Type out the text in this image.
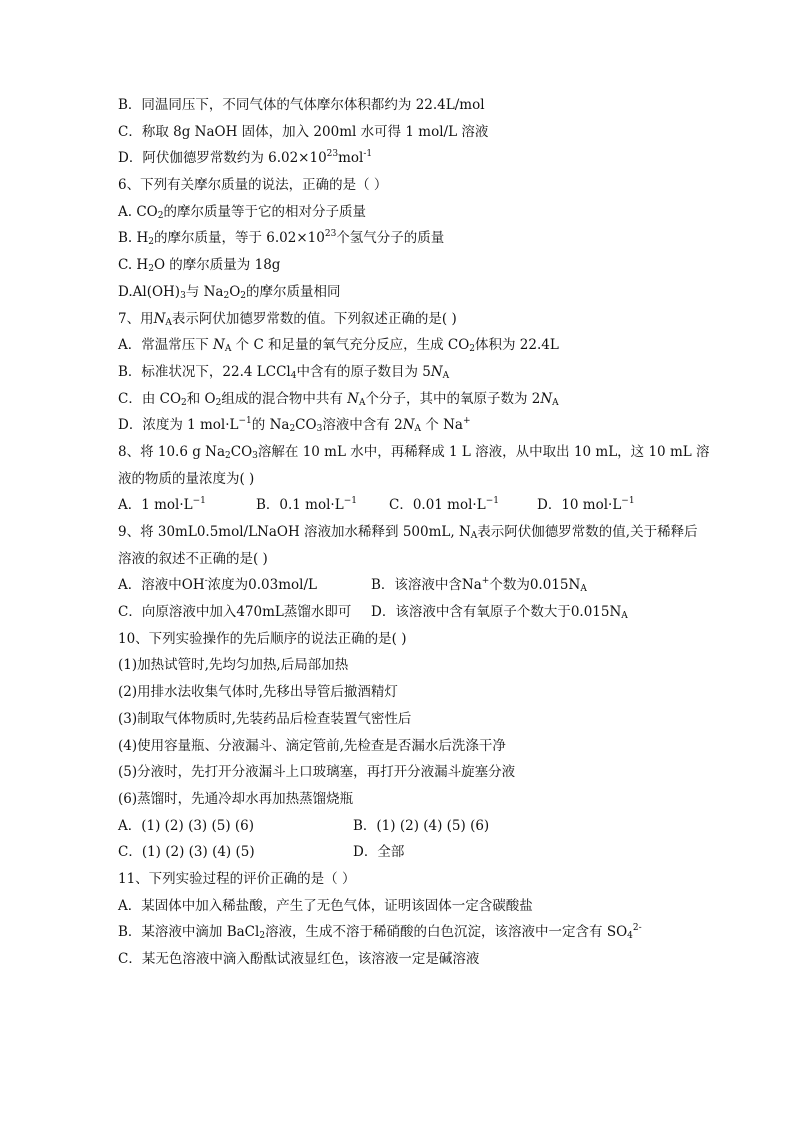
B．同温同压下，不同气体的气体摩尔体积都约为 22.4L/mol
C．称取 8g NaOH 固体，加入 200ml 水可得 1 mol/L 溶液
D．阿伏伽德罗常数约为 $6.02\times 10^{23}mol^{-1}$
6、下列有关摩尔质量的说法，正确的是（ ）
A. $CO_2$的摩尔质量等于它的相对分子质量
B. $H_2$的摩尔质量，等于 $6.02\times 10^{23}$个氢气分子的质量
C. $H_2O$ 的摩尔质量为 18g
$D.Al(OH)_3$与 $Na_2O_2$的摩尔质量相同
7、用$N_A$表示阿伏加德罗常数的值。下列叙述正确的是( )
A．常温常压下 $N_A$ 个 C 和足量的氧气充分反应，生成 $CO_2$体积为 22.4L
B．标准状况下，22.4 LCCl$_4$中含有的原子数目为 $5N_A$
C．由 $CO_2$和 $O_2$组成的混合物中共有 $N_A$个分子，其中的氧原子数为 $2N_A$
D．浓度为 1 $mol\cdot L^{-1}$的 $Na_2CO_3$溶液中含有 $2N_A$ 个 Na+
8、将 10.6 g $Na_2CO_3$溶解在 10 mL 水中，再稀释成 1 L 溶液，从中取出 10 mL，这 10 mL 溶
液的物质的量浓度为( )
A．1 $mol\cdot L^{-1}$	B．0.1 $mol\cdot L^{-1}$	C．0.01 $mol\cdot L^{-1}$	D．10 $mol\cdot L^{-1}$
9、将 30mL0.5mol/LNaOH 溶液加水稀释到 500mL, $N_A$表示阿伏伽德罗常数的值,关于稀释后
溶液的叙述不正确的是( )
A．溶液中OH-浓度为0.03mol/L	B．该溶液中含Na+个数为$0.015N_A$
C．向原溶液中加入470mL蒸馏水即可	D．该溶液中含有氧原子个数大于$0.015N_A$
10、下列实验操作的先后顺序的说法正确的是( )
(1)加热试管时,先均匀加热,后局部加热
(2)用排水法收集气体时,先移出导管后撤酒精灯
(3)制取气体物质时,先装药品后检查装置气密性后
(4)使用容量瓶、分液漏斗、滴定管前,先检查是否漏水后洗涤干净
(5)分液时，先打开分液漏斗上口玻璃塞，再打开分液漏斗旋塞分液
(6)蒸馏时，先通冷却水再加热蒸馏烧瓶
A．(1) (2) (3) (5) (6)	B．(1) (2) (4) (5) (6)
C．(1) (2) (3) (4) (5)	D．全部
11、下列实验过程的评价正确的是（ ）
A．某固体中加入稀盐酸，产生了无色气体，证明该固体一定含碳酸盐
B．某溶液中滴加 BaCl$_2$溶液，生成不溶于稀硝酸的白色沉淀，该溶液中一定含有 $SO_4^{2-}$
C．某无色溶液中滴入酚酞试液显红色，该溶液一定是碱溶液
